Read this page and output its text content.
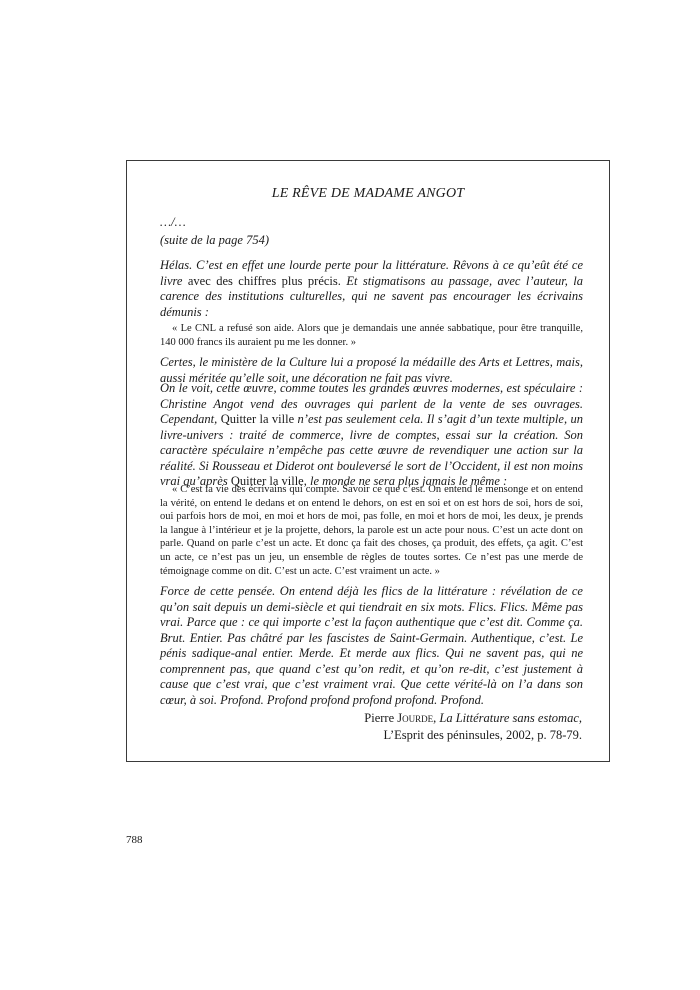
LE RÊVE DE MADAME ANGOT
…/…
(suite de la page 754)

Hélas. C’est en effet une lourde perte pour la littérature. Rêvons à ce qu’eût été ce livre avec des chiffres plus précis. Et stigmatisons au passage, avec l’auteur, la carence des institutions culturelles, qui ne savent pas encourager les écrivains démunis :

« Le CNL a refusé son aide. Alors que je demandais une année sabbatique, pour être tranquille, 140 000 francs ils auraient pu me les donner. »

Certes, le ministère de la Culture lui a proposé la médaille des Arts et Lettres, mais, aussi méritée qu’elle soit, une décoration ne fait pas vivre.

On le voit, cette œuvre, comme toutes les grandes œuvres modernes, est spéculaire : Christine Angot vend des ouvrages qui parlent de la vente de ses ouvrages. Cependant, Quitter la ville n’est pas seulement cela. Il s’agit d’un texte multiple, un livre-univers : traité de commerce, livre de comptes, essai sur la création. Son caractère spéculaire n’empêche pas cette œuvre de revendiquer une action sur la réalité. Si Rousseau et Diderot ont bouleversé le sort de l’Occident, il est non moins vrai qu’après Quitter la ville, le monde ne sera plus jamais le même :

« C’est la vie des écrivains qui compte. Savoir ce que c’est. On entend le mensonge et on entend la vérité, on entend le dedans et on entend le dehors, on est en soi et on est hors de soi, hors de soi, oui parfois hors de moi, en moi et hors de moi, pas folle, en moi et hors de moi, les deux, je prends la langue à l’intérieur et je la projette, dehors, la parole est un acte pour nous. C’est un acte dont on parle. Quand on parle c’est un acte. Et donc ça fait des choses, ça produit, des effets, ça agit. C’est un acte, ce n’est pas un jeu, un ensemble de règles de toutes sortes. Ce n’est pas une merde de témoignage comme on dit. C’est un acte. C’est vraiment un acte. »

Force de cette pensée. On entend déjà les flics de la littérature : révélation de ce qu’on sait depuis un demi-siècle et qui tiendrait en six mots. Flics. Flics. Même pas vrai. Parce que : ce qui importe c’est la façon authentique que c’est dit. Comme ça. Brut. Entier. Pas châtré par les fascistes de Saint-Germain. Authentique, c’est. Le pénis sadique-anal entier. Merde. Et merde aux flics. Qui ne savent pas, qui ne comprennent pas, que quand c’est qu’on redit, et qu’on re-dit, c’est justement à cause que c’est vrai, que c’est vraiment vrai. Que cette vérité-là on l’a dans son cœur, à soi. Profond. Profond profond profond profond. Profond.

Pierre Jourde, La Littérature sans estomac,
L’Esprit des péninsules, 2002, p. 78-79.
788
